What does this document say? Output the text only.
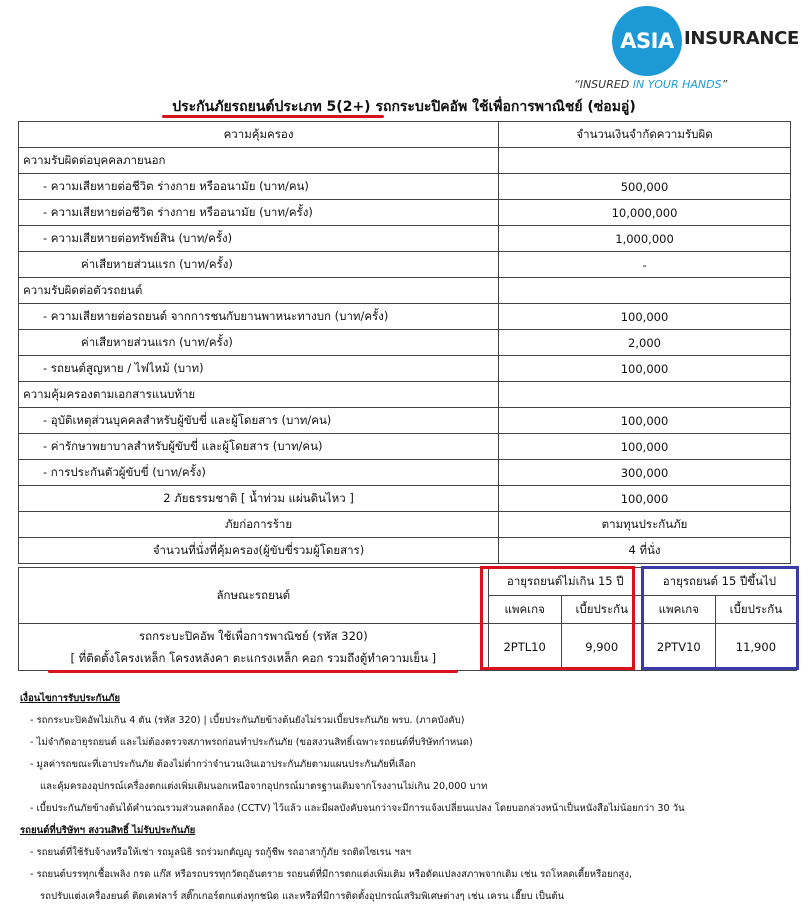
ASIA INSURANCE
“INSURED IN YOUR HANDS”
ประกันภัยรถยนต์ประเภท 5(2+) รถกระบะปิคอัพ ใช้เพื่อการพาณิชย์ (ซ่อมอู่)
ความคุ้มครอง	จำนวนเงินจำกัดความรับผิด
ความรับผิดต่อบุคคลภายนอก	
- ความเสียหายต่อชีวิต ร่างกาย หรืออนามัย (บาท/คน)	500,000
- ความเสียหายต่อชีวิต ร่างกาย หรืออนามัย (บาท/ครั้ง)	10,000,000
- ความเสียหายต่อทรัพย์สิน (บาท/ครั้ง)	1,000,000
ค่าเสียหายส่วนแรก (บาท/ครั้ง)	-
ความรับผิดต่อตัวรถยนต์	
- ความเสียหายต่อรถยนต์ จากการชนกับยานพาหนะทางบก (บาท/ครั้ง)	100,000
ค่าเสียหายส่วนแรก (บาท/ครั้ง)	2,000
- รถยนต์สูญหาย / ไฟไหม้ (บาท)	100,000
ความคุ้มครองตามเอกสารแนบท้าย	
- อุบัติเหตุส่วนบุคคลสำหรับผู้ขับขี่ และผู้โดยสาร (บาท/คน)	100,000
- ค่ารักษาพยาบาลสำหรับผู้ขับขี่ และผู้โดยสาร (บาท/คน)	100,000
- การประกันตัวผู้ขับขี่ (บาท/ครั้ง)	300,000
2 ภัยธรรมชาติ [ น้ำท่วม แผ่นดินไหว ]	100,000
ภัยก่อการร้าย	ตามทุนประกันภัย
จำนวนที่นั่งที่คุ้มครอง(ผู้ขับขี่รวมผู้โดยสาร)	4 ที่นั่ง
ลักษณะรถยนต์	อายุรถยนต์ไม่เกิน 15 ปี		อายุรถยนต์ 15 ปีขึ้นไป	
	แพคเกจ	เบี้ยประกัน	แพคเกจ	เบี้ยประกัน

รถกระบะปิคอัพ ใช้เพื่อการพาณิชย์ (รหัส 320)
[ ที่ติดตั้งโครงเหล็ก โครงหลังคา ตะแกรงเหล็ก คอก รวมถึงตู้ทำความเย็น ]	2PTL10	9,900	2PTV10	11,900
เงื่อนไขการรับประกันภัย
- รถกระบะปิคอัพไม่เกิน 4 ตัน (รหัส 320) | เบี้ยประกันภัยข้างต้นยังไม่รวมเบี้ยประกันภัย พรบ. (ภาคบังคับ)
- ไม่จำกัดอายุรถยนต์ และไม่ต้องตรวจสภาพรถก่อนทำประกันภัย (ขอสงวนสิทธิ์เฉพาะรถยนต์ที่บริษัทกำหนด)
- มูลค่ารถขณะที่เอาประกันภัย ต้องไม่ต่ำกว่าจำนวนเงินเอาประกันภัยตามแผนประกันภัยที่เลือก
และคุ้มครองอุปกรณ์เครื่องตกแต่งเพิ่มเติมนอกเหนือจากอุปกรณ์มาตรฐานเดิมจากโรงงานไม่เกิน 20,000 บาท
- เบี้ยประกันภัยข้างต้นได้คำนวณรวมส่วนลดกล้อง (CCTV) ไว้แล้ว และมีผลบังคับจนกว่าจะมีการแจ้งเปลี่ยนแปลง โดยบอกล่วงหน้าเป็นหนังสือไม่น้อยกว่า 30 วัน
รถยนต์ที่บริษัทฯ สงวนสิทธิ์ ไม่รับประกันภัย
- รถยนต์ที่ใช้รับจ้างหรือให้เช่า รถมูลนิธิ รถร่วมกตัญญู รถกู้ชีพ รถอาสากู้ภัย รถติดไซเรน ฯลฯ
- รถยนต์บรรทุกเชื้อเพลิง กรด แก๊ส หรือรถบรรทุกวัตถุอันตราย รถยนต์ที่มีการตกแต่งเพิ่มเติม หรือดัดแปลงสภาพจากเดิม เช่น รถโหลดเตี้ยหรือยกสูง,
รถปรับแต่งเครื่องยนต์ ติดเคฟลาร์ สติ๊กเกอร์ตกแต่งทุกชนิด และหรือที่มีการติดตั้งอุปกรณ์เสริมพิเศษต่างๆ เช่น เครน เฮี๊ยบ เป็นต้น
